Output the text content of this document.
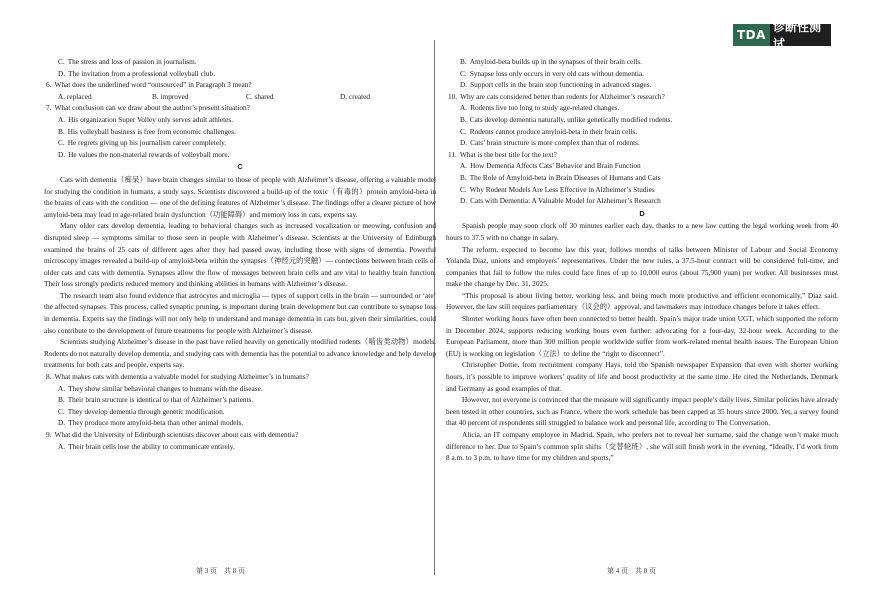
TDA
诊断性测试
C. The stress and loss of passion in journalism.
D. The invitation from a professional volleyball club.
6. What does the underlined word “outsourced” in Paragraph 3 mean?
A. replaced	B. improved	C. shared	D. created
7. What conclusion can we draw about the author’s present situation?
A. His organization Super Volley only serves adult athletes.
B. His volleyball business is free from economic challenges.
C. He regrets giving up his journalism career completely.
D. He values the non-material rewards of volleyball more.
C
Cats with dementia（痴呆）have brain changes similar to those of people with Alzheimer’s disease, offering a valuable model for studying the condition in humans, a study says. Scientists discovered a build-up of the toxic（有毒的）protein amyloid-beta in the brains of cats with the condition — one of the defining features of Alzheimer’s disease. The findings offer a clearer picture of how amyloid-beta may lead to age-related brain dysfunction（功能障碍）and memory loss in cats, experts say.
Many older cats develop dementia, leading to behavioral changes such as increased vocalization or meowing, confusion and disrupted sleep — symptoms similar to those seen in people with Alzheimer’s disease. Scientists at the University of Edinburgh examined the brains of 25 cats of different ages after they had passed away, including those with signs of dementia. Powerful microscopy images revealed a build-up of amyloid-beta within the synapses（神经元的突触）— connections between brain cells of older cats and cats with dementia. Synapses allow the flow of messages between brain cells and are vital to healthy brain function. Their loss strongly predicts reduced memory and thinking abilities in humans with Alzheimer’s disease.
The research team also found evidence that astrocytes and microglia — types of support cells in the brain — surrounded or ‘ate’ the affected synapses. This process, called synaptic pruning, is important during brain development but can contribute to synapse loss in dementia. Experts say the findings will not only help to understand and manage dementia in cats but, given their similarities, could also contribute to the development of future treatments for people with Alzheimer’s disease.
Scientists studying Alzheimer’s disease in the past have relied heavily on genetically modified rodents（啮齿类动物）models. Rodents do not naturally develop dementia, and studying cats with dementia has the potential to advance knowledge and help develop treatments for both cats and people, experts say.
8. What makes cats with dementia a valuable model for studying Alzheimer’s in humans?
A. They show similar behavioral changes to humans with the disease.
B. Their brain structure is identical to that of Alzheimer’s patients.
C. They develop dementia through genetic modification.
D. They produce more amyloid-beta than other animal models.
9. What did the University of Edinburgh scientists discover about cats with dementia?
A. Their brain cells lose the ability to communicate entirely.
B. Amyloid-beta builds up in the synapses of their brain cells.
C. Synapse loss only occurs in very old cats without dementia.
D. Support cells in the brain stop functioning in advanced stages.
10. Why are cats considered better than rodents for Alzheimer’s research?
A. Rodents live too long to study age-related changes.
B. Cats develop dementia naturally, unlike genetically modified rodents.
C. Rodents cannot produce amyloid-beta in their brain cells.
D. Cats’ brain structure is more complex than that of rodents.
11. What is the best title for the text?
A. How Dementia Affects Cats’ Behavior and Brain Function
B. The Role of Amyloid-beta in Brain Diseases of Humans and Cats
C. Why Rodent Models Are Less Effective in Alzheimer’s Studies
D. Cats with Dementia: A Valuable Model for Alzheimer’s Research
D
Spanish people may soon clock off 30 minutes earlier each day, thanks to a new law cutting the legal working week from 40 hours to 37.5 with no change in salary.
The reform, expected to become law this year, follows months of talks between Minister of Labour and Social Economy Yolanda Diaz, unions and employers’ representatives. Under the new rules, a 37.5-hour contract will be considered full-time, and companies that fail to follow the rules could face fines of up to 10,000 euros (about 75,900 yuan) per worker. All businesses must make the change by Dec. 31, 2025.
“This proposal is about living better, working less, and being much more productive and efficient economically,” Diaz said. However, the law still requires parliamentary（议会的）approval, and lawmakers may introduce changes before it takes effect.
Shorter working hours have often been connected to better health. Spain’s major trade union UGT, which supported the reform in December 2024, supports reducing working hours even further: advocating for a four-day, 32-hour week. According to the European Parliament, more than 300 million people worldwide suffer from work-related mental health issues. The European Union (EU) is working on legislation（立法）to define the “right to disconnect”.
Christopher Dottie, from recruitment company Hays, told the Spanish newspaper Expansion that even with shorter working hours, it’s possible to improve workers’ quality of life and boost productivity at the same time. He cited the Netherlands, Denmark and Germany as good examples of that.
However, not everyone is convinced that the measure will significantly impact people’s daily lives. Similar policies have already been tested in other countries, such as France, where the work schedule has been capped at 35 hours since 2000. Yet, a survey found that 40 percent of respondents still struggled to balance work and personal life, according to The Conversation.
Alicia, an IT company employee in Madrid, Spain, who prefers not to reveal her surname, said the change won’t make much difference to her. Due to Spain’s common split shifts（交替轮班）, she will still finish work in the evening. “Ideally, I’d work from 8 a.m. to 3 p.m. to have time for my children and sports,”
第 3 页　共 8 页	第 4 页　共 8 页
